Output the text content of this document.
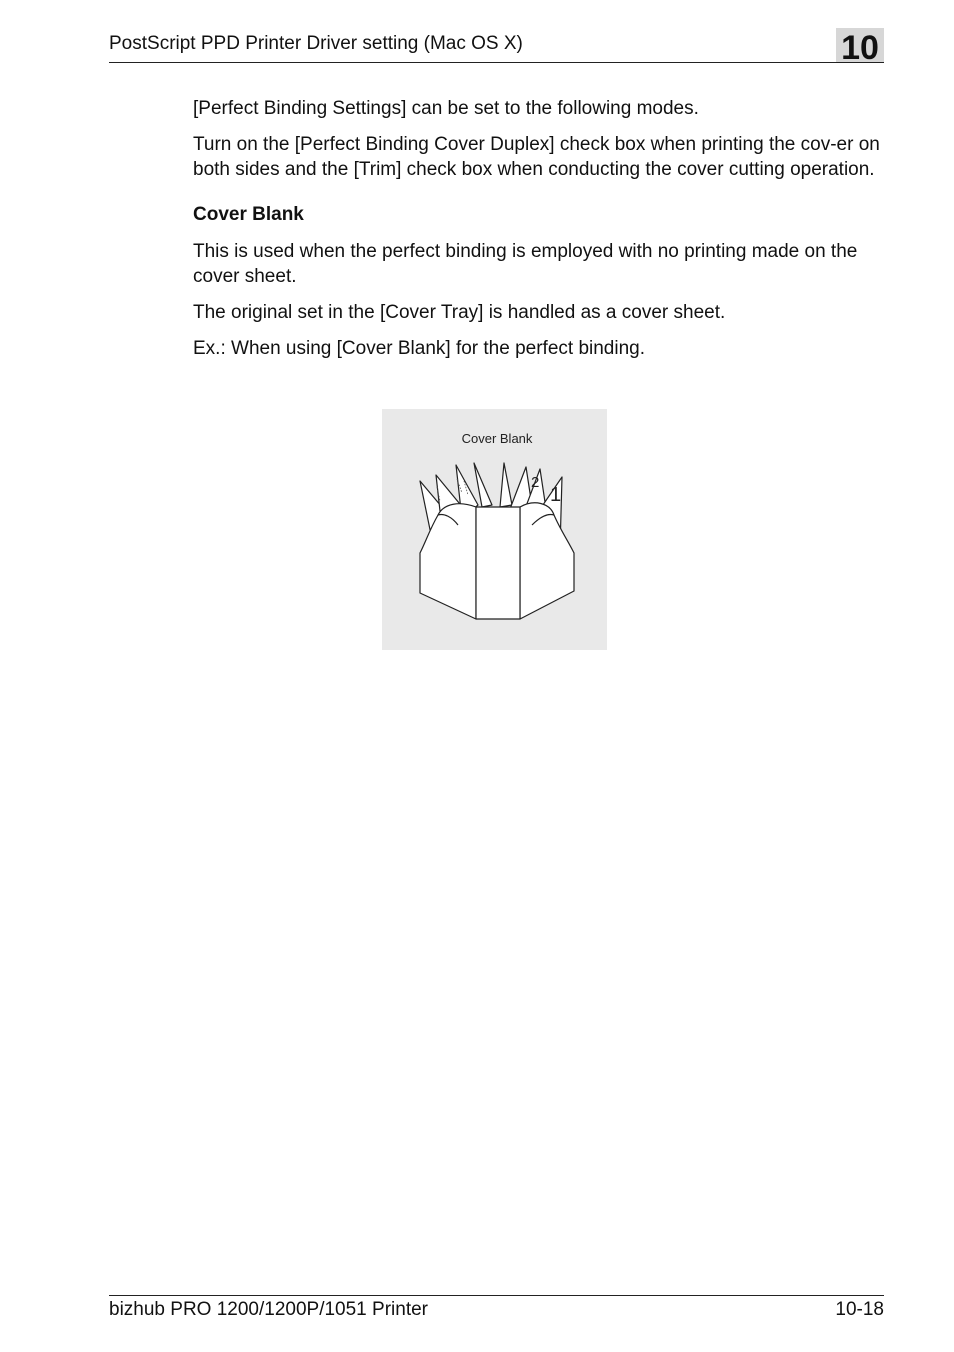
PostScript PPD Printer Driver setting (Mac OS X)	10

[Perfect Binding Settings] can be set to the following modes.

Turn on the [Perfect Binding Cover Duplex] check box when printing the cov-er on both sides and the [Trim] check box when conducting the cover cutting operation.

Cover Blank

This is used when the perfect binding is employed with no printing made on the cover sheet.

The original set in the [Cover Tray] is handled as a cover sheet.

Ex.: When using [Cover Blank] for the perfect binding.

Cover Blank
2
1
bizhub PRO 1200/1200P/1051 Printer	10-18
